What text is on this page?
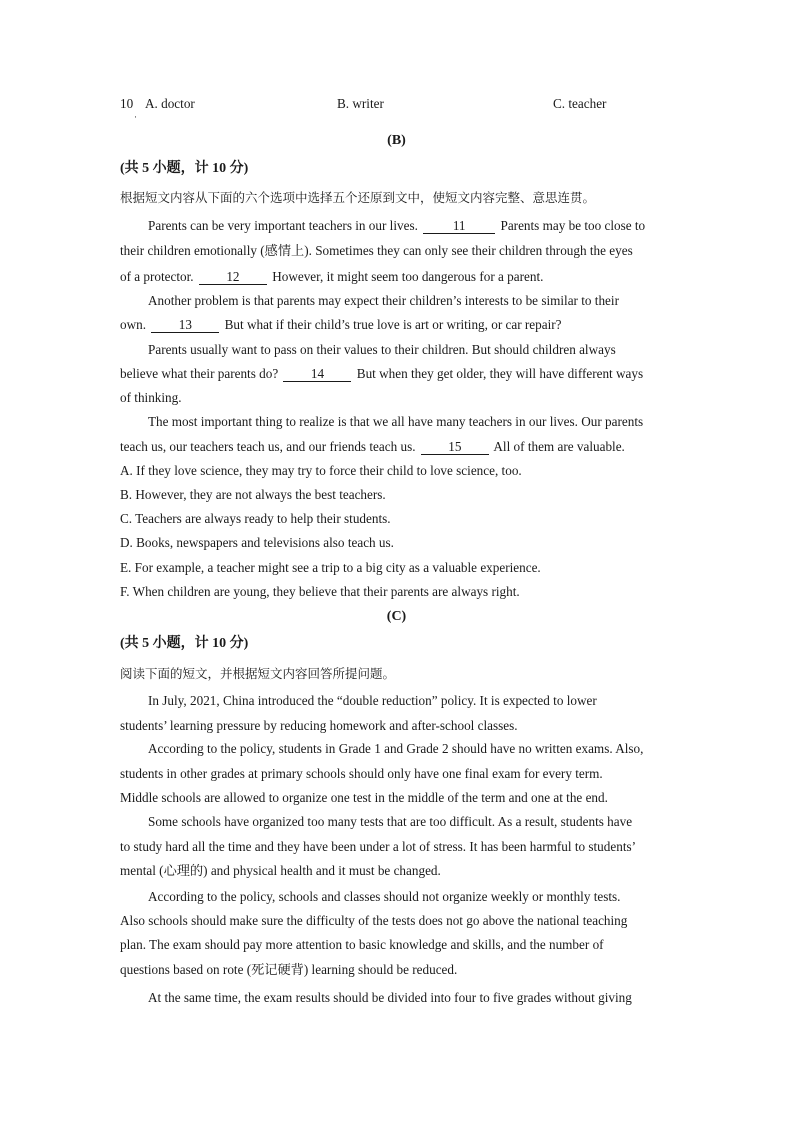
10
·
A. doctor	B. writer	C. teacher
(B)
(共 5 小题，计 10 分)
根据短文内容从下面的六个选项中选择五个还原到文中，使短文内容完整、意思连贯。
Parents can be very important teachers in our lives.	11	Parents may be too close to
their children emotionally (感情上). Sometimes they can only see their children through the eyes
of a protector. 12 However, it might seem too dangerous for a parent.
Another problem is that parents may expect their children’s interests to be similar to their
own. 13 But what if their child’s true love is art or writing, or car repair?
Parents usually want to pass on their values to their children. But should children always
believe what their parents do? 14 But when they get older, they will have different ways
of thinking.
The most important thing to realize is that we all have many teachers in our lives. Our parents
teach us, our teachers teach us, and our friends teach us. 15 All of them are valuable.
A. If they love science, they may try to force their child to love science, too.
B. However, they are not always the best teachers.
C. Teachers are always ready to help their students.
D. Books, newspapers and televisions also teach us.
E. For example, a teacher might see a trip to a big city as a valuable experience.
F. When children are young, they believe that their parents are always right.
(C)
(共 5 小题，计 10 分)
阅读下面的短文，并根据短文内容回答所提问题。
In July, 2021, China introduced the “double reduction” policy. It is expected to lower
students’ learning pressure by reducing homework and after-school classes.
According to the policy, students in Grade 1 and Grade 2 should have no written exams. Also,
students in other grades at primary schools should only have one final exam for every term.
Middle schools are allowed to organize one test in the middle of the term and one at the end.
Some schools have organized too many tests that are too difficult. As a result, students have
to study hard all the time and they have been under a lot of stress. It has been harmful to students’
mental (心理的) and physical health and it must be changed.
According to the policy, schools and classes should not organize weekly or monthly tests.
Also schools should make sure the difficulty of the tests does not go above the national teaching
plan. The exam should pay more attention to basic knowledge and skills, and the number of
questions based on rote (死记硬背) learning should be reduced.
At the same time, the exam results should be divided into four to five grades without giving
